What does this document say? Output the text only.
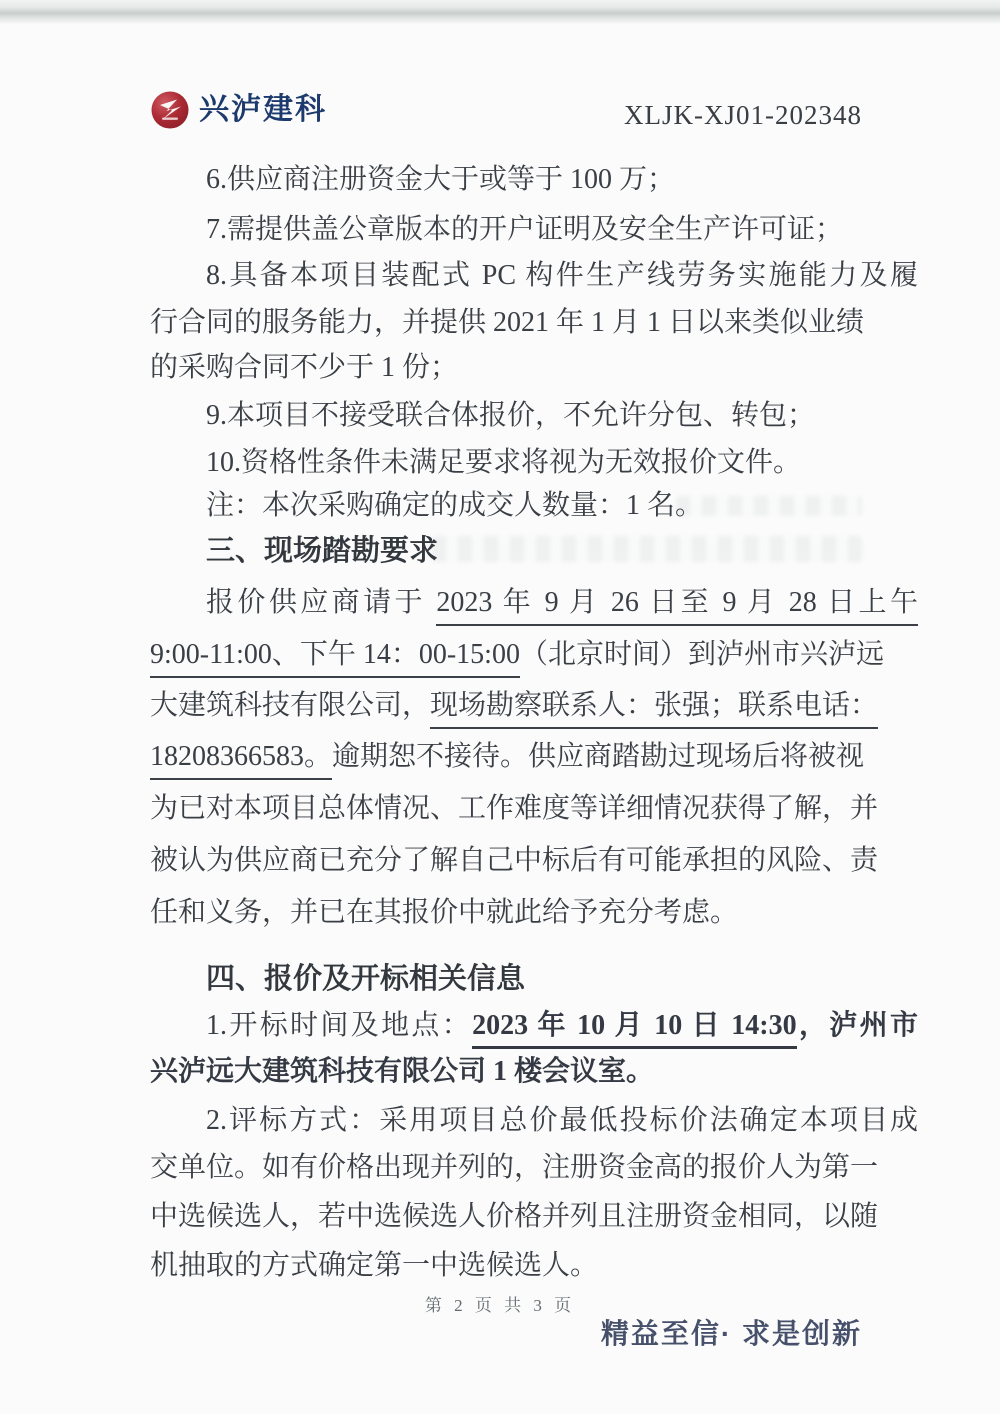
兴泸建科	XLJK-XJ01-202348
6.供应商注册资金大于或等于 100 万；
7.需提供盖公章版本的开户证明及安全生产许可证；
8.具备本项目装配式 PC 构件生产线劳务实施能力及履
行合同的服务能力，并提供 2021 年 1 月 1 日以来类似业绩
的采购合同不少于 1 份；
9.本项目不接受联合体报价，不允许分包、转包；
10.资格性条件未满足要求将视为无效报价文件。
注：本次采购确定的成交人数量：1 名。
三、现场踏勘要求
报价供应商请于 2023 年 9 月 26 日至 9 月 28 日上午
9:00-11:00、下午 14：00-15:00（北京时间）到泸州市兴泸远
大建筑科技有限公司，现场勘察联系人：张强；联系电话：
18208366583。逾期恕不接待。供应商踏勘过现场后将被视
为已对本项目总体情况、工作难度等详细情况获得了解，并
被认为供应商已充分了解自己中标后有可能承担的风险、责
任和义务，并已在其报价中就此给予充分考虑。
四、报价及开标相关信息
1.开标时间及地点：2023 年 10 月 10 日 14:30，泸州市
兴泸远大建筑科技有限公司 1 楼会议室。
2.评标方式：采用项目总价最低投标价法确定本项目成
交单位。如有价格出现并列的，注册资金高的报价人为第一
中选候选人，若中选候选人价格并列且注册资金相同，以随
机抽取的方式确定第一中选候选人。
第 2 页 共 3 页
精益至信· 求是创新
